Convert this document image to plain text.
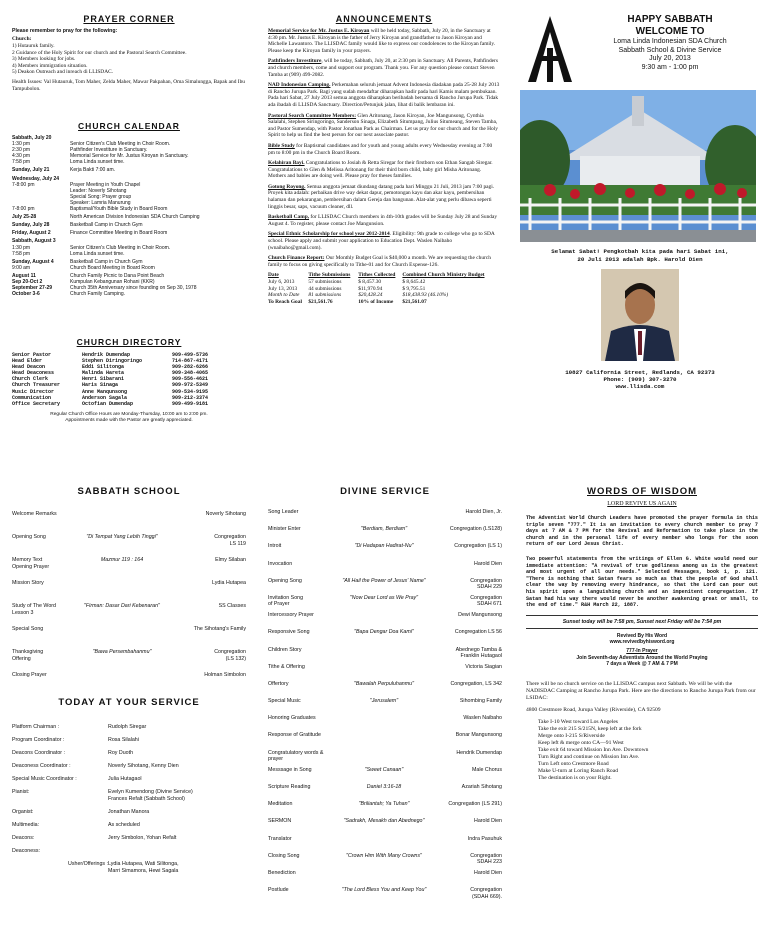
PRAYER CORNER
Please remember to pray for the following:
Church:
1) Hutauruk family.
2 Guidance of the Holy Spirit for our church and the Pastoral Search Committee.
3) Members looking for jobs.
4) Members immigration situation.
5) Deakon Outreach and inreach di LLISDAC.
Health Issues: Val Hutauruk, Tom Maher, Zelda Maher, Mawar Pakpahan, Oma Simalungga, Bapak and Ibu Tampubolon.
CHURCH CALENDAR
Sabbath, July 20	
1:30 pm	Senior Citizen's Club Meeting in Choir Room.
2:30 pm	Pathfinder Investiture in Sanctuary.
4:30 pm	Memorial Service for Mr. Justus Kiroyan in Sanctuary.
7:58 pm	Loma Linda sunset time.

Sunday, July 21	Kerja Bakti 7:00 am.

Wednesday, July 24	
7-8:00 pm	Prayer Meeting in Youth Chapel
Leader: Noverly Sihotang
Special Song: Prayer group
Speaker: Lamria Manurung

7-8:00 pm	Baptismal/Youth Bible Study in Board Room

July 25-28	North American Division Indonesian SDA Church Camping

Sunday, July 28	Basketball Camp in Church Gym

Friday, August 2	Finance Committee Meeting in Board Room

Sabbath, August 3	
1:30 pm	Senior Citizen's Club Meeting in Choir Room.
7:58 pm	Loma Linda sunset time.

Sunday, August 4	Basketball Camp in Church Gym
9:00 am	Church Board Meeting in Board Room

August 11	Church Family Picnic to Dana Point Beach
Sep 20-Oct 2	Kumpulan Kebangunan Rohani (KKR)
September 27-29	Church 35th Anniversary since founding on Sep 30, 1978
October 3-6	Church Family Camping.
CHURCH DIRECTORY
Senior Pastor	Hendrik Dumendap	909-499-5736
Head Elder	Stephen Diringoringo	714-867-4171
Head Deacon	Eddi Silitonga	909-282-6266
Head Deaconess	Malinda Hareta	909-348-4065
Church Clerk	Henri Sibarani	909-556-4621
Church Treasurer	Haris Sinaga	909-972-5349
Music Director	Anne Manqunsong	909-534-9195
Communication	Anderson Sagala	909-212-3374
Office Secretary	Octofian Dumendap	909-499-9181
Regular Church Office Hours are Monday-Thursday, 10:00 am to 2:00 pm.
Appointments made with the Pastor are greatly appreciated.
ANNOUNCEMENTS
Memorial Service for Mr. Justus E. Kiroyan will be held today, Sabbath, July 20, in the Sanctuary at 4:30 pm. Mr. Justus E. Kiroyan is the father of Jerry Kiroyan and grandfather to Jason Kiroyan and Michelle Lawantoro. The LLISDAC family would like to express our condolences to the Kiroyan family. Please keep the Kiroyan family in your prayers.
Pathfinders Investiture, will be today, Sabbath, July 20, at 2:30 pm in Sanctuary. All Parents, Pathfinders and church members, come and support our program. Thank you. For any question please contact Steven Tamba at (909) 499-2082.
NAD Indonesian Camping. Perkemahan seluruh jemaat Advent Indonesia diadakan pada 25-28 July 2013 di Rancho Jurupa Park. Bagi yang sudah mendaftar diharapkan hadir pada hari Kamis malam pembukaan. Pada hari Sabat, 27 July 2013 semua anggota diharapkan beribadah bersama di Rancho Jurupa Park. Tidak ada ibadah di LLISDA Sanctuary. Direction/Petunjuk jalan, lihat di balik lembaran ini.
Pastoral Search Committee Members: Glen Aritonang, Jason Kiroyan, Joe Mangunsong, Cynthia Salalahi, Stephen Siringoringo, Sanderson Sinaga, Elizabeth Situmpang, Julius Situmeang, Steven Tamba, and Pastor Sumendap, with Pastor Jonathan Park as Chairman. Let us pray for our church and for the Holy Spirit to help us find the best person for our next associate pastor.
Bible Study for Baptismal candidates and for youth and young adults every Wednesday evening at 7:00 pm to 8:00 pm in the Church Board Room.
Kelahiran Bayi. Congratulations to Josiah & Retta Siregar for their firstborn son Ethan Sangab Siregar. Congratulations to Glen & Melissa Aritonang for their third born child, baby girl Misha Aritonang. Mothers and babies are doing well. Please pray for theses families.
Gotong Royong. Semua anggota jemaat diundang datang pada hari Minggu 21 Juli, 2013 jam 7:00 pagi. Proyek kita adalah: perbaikan drive way dekat dapur, pemotongan kayu dan akar kayu, pembersihan halaman dan pekarangan, pembersihan dalam Gereja dan bangunan. Alat-alat yang perlu dibawa seperti linggis besar, saps, vacuum cleaner, dll.
Basketball Camp, for LLISDAC Church members in 4th-10th grades will be Sunday July 28 and Sunday August 4. To register, please contact Joe Mangunsion.
Special Ethnic Scholarship for school year 2012-2014. Eligibility: 9th grade to college who go to SDA school. Please apply and submit your application to Education Dept. Waslen Naibaho (wnaibaho@gmail.com).
Church Finance Report: Our Monthly Budget Goal is $40,000 a month. We are requesting the church family to focus on giving specifically to Tithe-01 and for Church Expense-126.
Date	Tithe Submissions	Tithes Collected	Combined Church Ministry Budget
July 6, 2013	57 submissions	$ 8,457.30	$ 8,645.42
July 13, 2013	44 submissions	$11,970.94	$ 9,795.51
Month to Date	81 submissions	$20,428.24	$18,438.93 (46.10%)
To Reach Goal	$21,561.76	10% of Income	$21,561.07
HAPPY SABBATH
WELCOME TO
Loma Linda Indonesian SDA Church
Sabbath School & Divine Service
July 20, 2013
9:30 am - 1:00 pm
Selamat Sabat! Pengkotbah kita pada hari Sabat ini,
20 Juli 2013 adalah Bpk. Harold Dien
10827 California Street, Redlands, CA 92373
Phone: (909) 307-3270
www.llisda.com
SABBATH SCHOOL
Welcome Remarks		Noverly Sihotang
Opening Song	"Di Tempat Yang Lebih Tinggi"	Congregation
LS 119
Memory Text
Opening Prayer	Mazmur 119 : 164	Elmy Silaban
Mission Story		Lydia Hutapea
Study of The Word
Lesson 3	"Firman: Dasar Dari Kebenaran"	SS Classes
Special Song		The Sihotang's Family
Thanksgiving
Offering	"Bawa Persembahanmu"	Congregation
(LS 132)
Closing Prayer		Holman Simbolon
TODAY AT YOUR SERVICE
Platform Chairman :	Rudolph Siregar
Program Coordinator :	Rosa Silalahi
Deacons Coordinator :	Roy Duoth
Deaconess Coordinator :	Noverly Sihotang, Kenny Dien
Special Music Coordinator :	Julia Hutagaol
Pianist:	Evelyn Kumendong (Divine Service)
Frances Refalt (Sabbath School)
Organist:	Jonathan Manora
Multimedia:	As scheduled
Deacons:	Jerry Simbolon, Yohan Refalt
Deaconess:	
Usher/Offerings :	Lydia Hutapea, Wati Silitonga,
Marri Simamora, Hewi Sagala
DIVINE SERVICE
Song Leader		Harold Dien, Jr.
Minister Enter	"Berdiam, Berdiam"	Congregation (LS128)
Introit	"Di Hadapan Hadirat-Nu"	Congregation (LS 1)
Invocation		Harold Dien
Opening Song	"All Hail the Power of Jesus' Name"	Congregation
SDAH 229
Invitation Song
of Prayer	"Now Dear Lord as We Pray"	Congregation
SDAH 671
Intercessory Prayer		Dewi Mangunsong
Responsive Song	"Bapa Dengar Doa Kami"	Congregation LS 56
Children Story		Abednego Tamba &
Franklin Hutagaol
Tithe & Offering		Victoria Siagian
Offertory	"Bawalah Perpuluhanmu"	Congregation, LS 342
Special Music	"Jerusalem"	Sihombing Family
Honoring Graduates		Waslen Naibaho
Response of Gratitude		Bonar Mangunsong
Congratulatory words & prayer		Hendrik Dumendap
Messsage in Song	"Sweet Canaan"	Male Chorus
Scripture Reading	Daniel 3:16-18	Azariah Sihotang
Meditation	"Briliantah; Ya Tuhan"	Congregation (LS 291)
SERMON	"Sadrakh, Mesakh dan Abednego"	Harold Dien
Translator		Indra Pasuhuk
Closing Song	"Crown Him With Many Crowns"	Congregation
SDAH 223
Benediction		Harold Dien
Postlude	"The Lord Bless You and Keep You"	Congregation
(SDAH 669).
WORDS OF WISDOM
LORD REVIVE US AGAIN
The Adventist World Church Leaders have promoted the prayer formula in this triple seven "777." It is an invitation to every church member to pray 7 days at 7 AM & 7 PM for the Revival and Reformation to take place in the church and in the personal life of every member who longs for the soon return of our Lord Jesus Christ.
Two powerful statements from the writings of Ellen G. White would need our immediate attention: "A revival of true godliness among us is the greatest and most urgent of all our needs." Selected Messages, book 1, p. 121. "There is nothing that Satan fears so much as that the people of God shall clear the way by removing every hindrance, so that the Lord can pour out his spirit upon a languishing church and an impenitent congregation. If Satan had his way there would never be another awakening great or small, to the end of time." R&H March 22, 1887.
Sunset today will be 7:58 pm, Sunset next Friday will be 7:54 pm
Revived By His Word
www.revivedbyhisword.org
777-In Prayer
Join Seventh-day Adventists Around the World Praying
7 days a Week @ 7 AM & 7 PM
There will be no church service on the LLISDAC campus next Sabbath. We will be with the NADISDAC Camping at Rancho Jurupa Park. Here are the directions to Rancho Jurupa Park from our LSIDAC:
4800 Crestmore Road, Jurupa Valley (Riverside), CA 92509
Take I-10 West toward Los Angeles
Take the exit 215 S/215N, keep left at the fork
Merge onto I-215 S/Riverside
Keep left & merge onto CA—91 West
Take exit 64 toward Mission Inn Ave. Downtown
Turn Right and continue on Mission Inn Ave.
Turn Left onto Crestmore Road
Make U-turn at Loring Ranch Road
The destination is on your Right.
